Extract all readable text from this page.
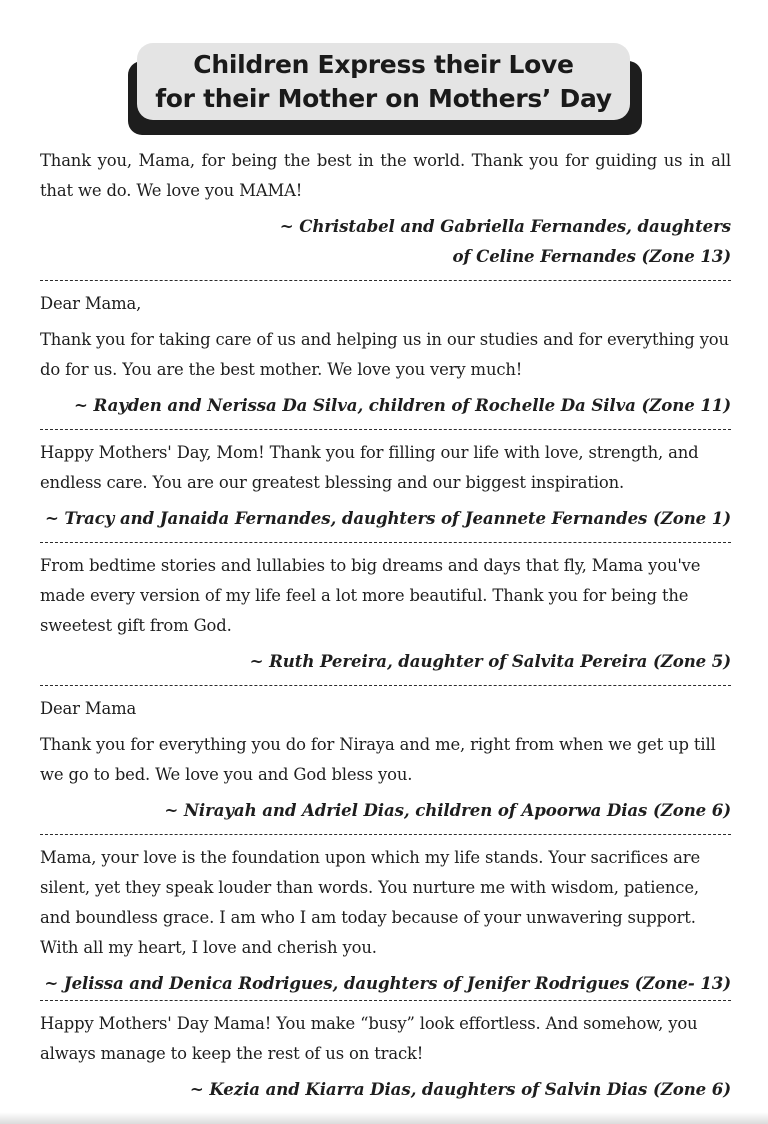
Children Express their Love
for their Mother on Mothers’ Day

Thank you, Mama, for being the best in the world. Thank you for guiding us in all that we do. We love you MAMA!

~ Christabel and Gabriella Fernandes, daughters of Celine Fernandes (Zone 13)

Dear Mama,

Thank you for taking care of us and helping us in our studies and for everything you do for us. You are the best mother. We love you very much!

~ Rayden and Nerissa Da Silva, children of Rochelle Da Silva (Zone 11)

Happy Mothers' Day, Mom! Thank you for filling our life with love, strength, and endless care. You are our greatest blessing and our biggest inspiration.

~ Tracy and Janaida Fernandes, daughters of Jeannete Fernandes (Zone 1)

From bedtime stories and lullabies to big dreams and days that fly, Mama you've made every version of my life feel a lot more beautiful. Thank you for being the sweetest gift from God.

~ Ruth Pereira, daughter of Salvita Pereira (Zone 5)

Dear Mama

Thank you for everything you do for Niraya and me, right from when we get up till we go to bed. We love you and God bless you.

~ Nirayah and Adriel Dias, children of Apoorwa Dias (Zone 6)

Mama, your love is the foundation upon which my life stands. Your sacrifices are silent, yet they speak louder than words. You nurture me with wisdom, patience, and boundless grace. I am who I am today because of your unwavering support. With all my heart, I love and cherish you.

~ Jelissa and Denica Rodrigues, daughters of Jenifer Rodrigues (Zone- 13)

Happy Mothers' Day Mama! You make “busy” look effortless. And somehow, you always manage to keep the rest of us on track!

~ Kezia and Kiarra Dias, daughters of Salvin Dias (Zone 6)
